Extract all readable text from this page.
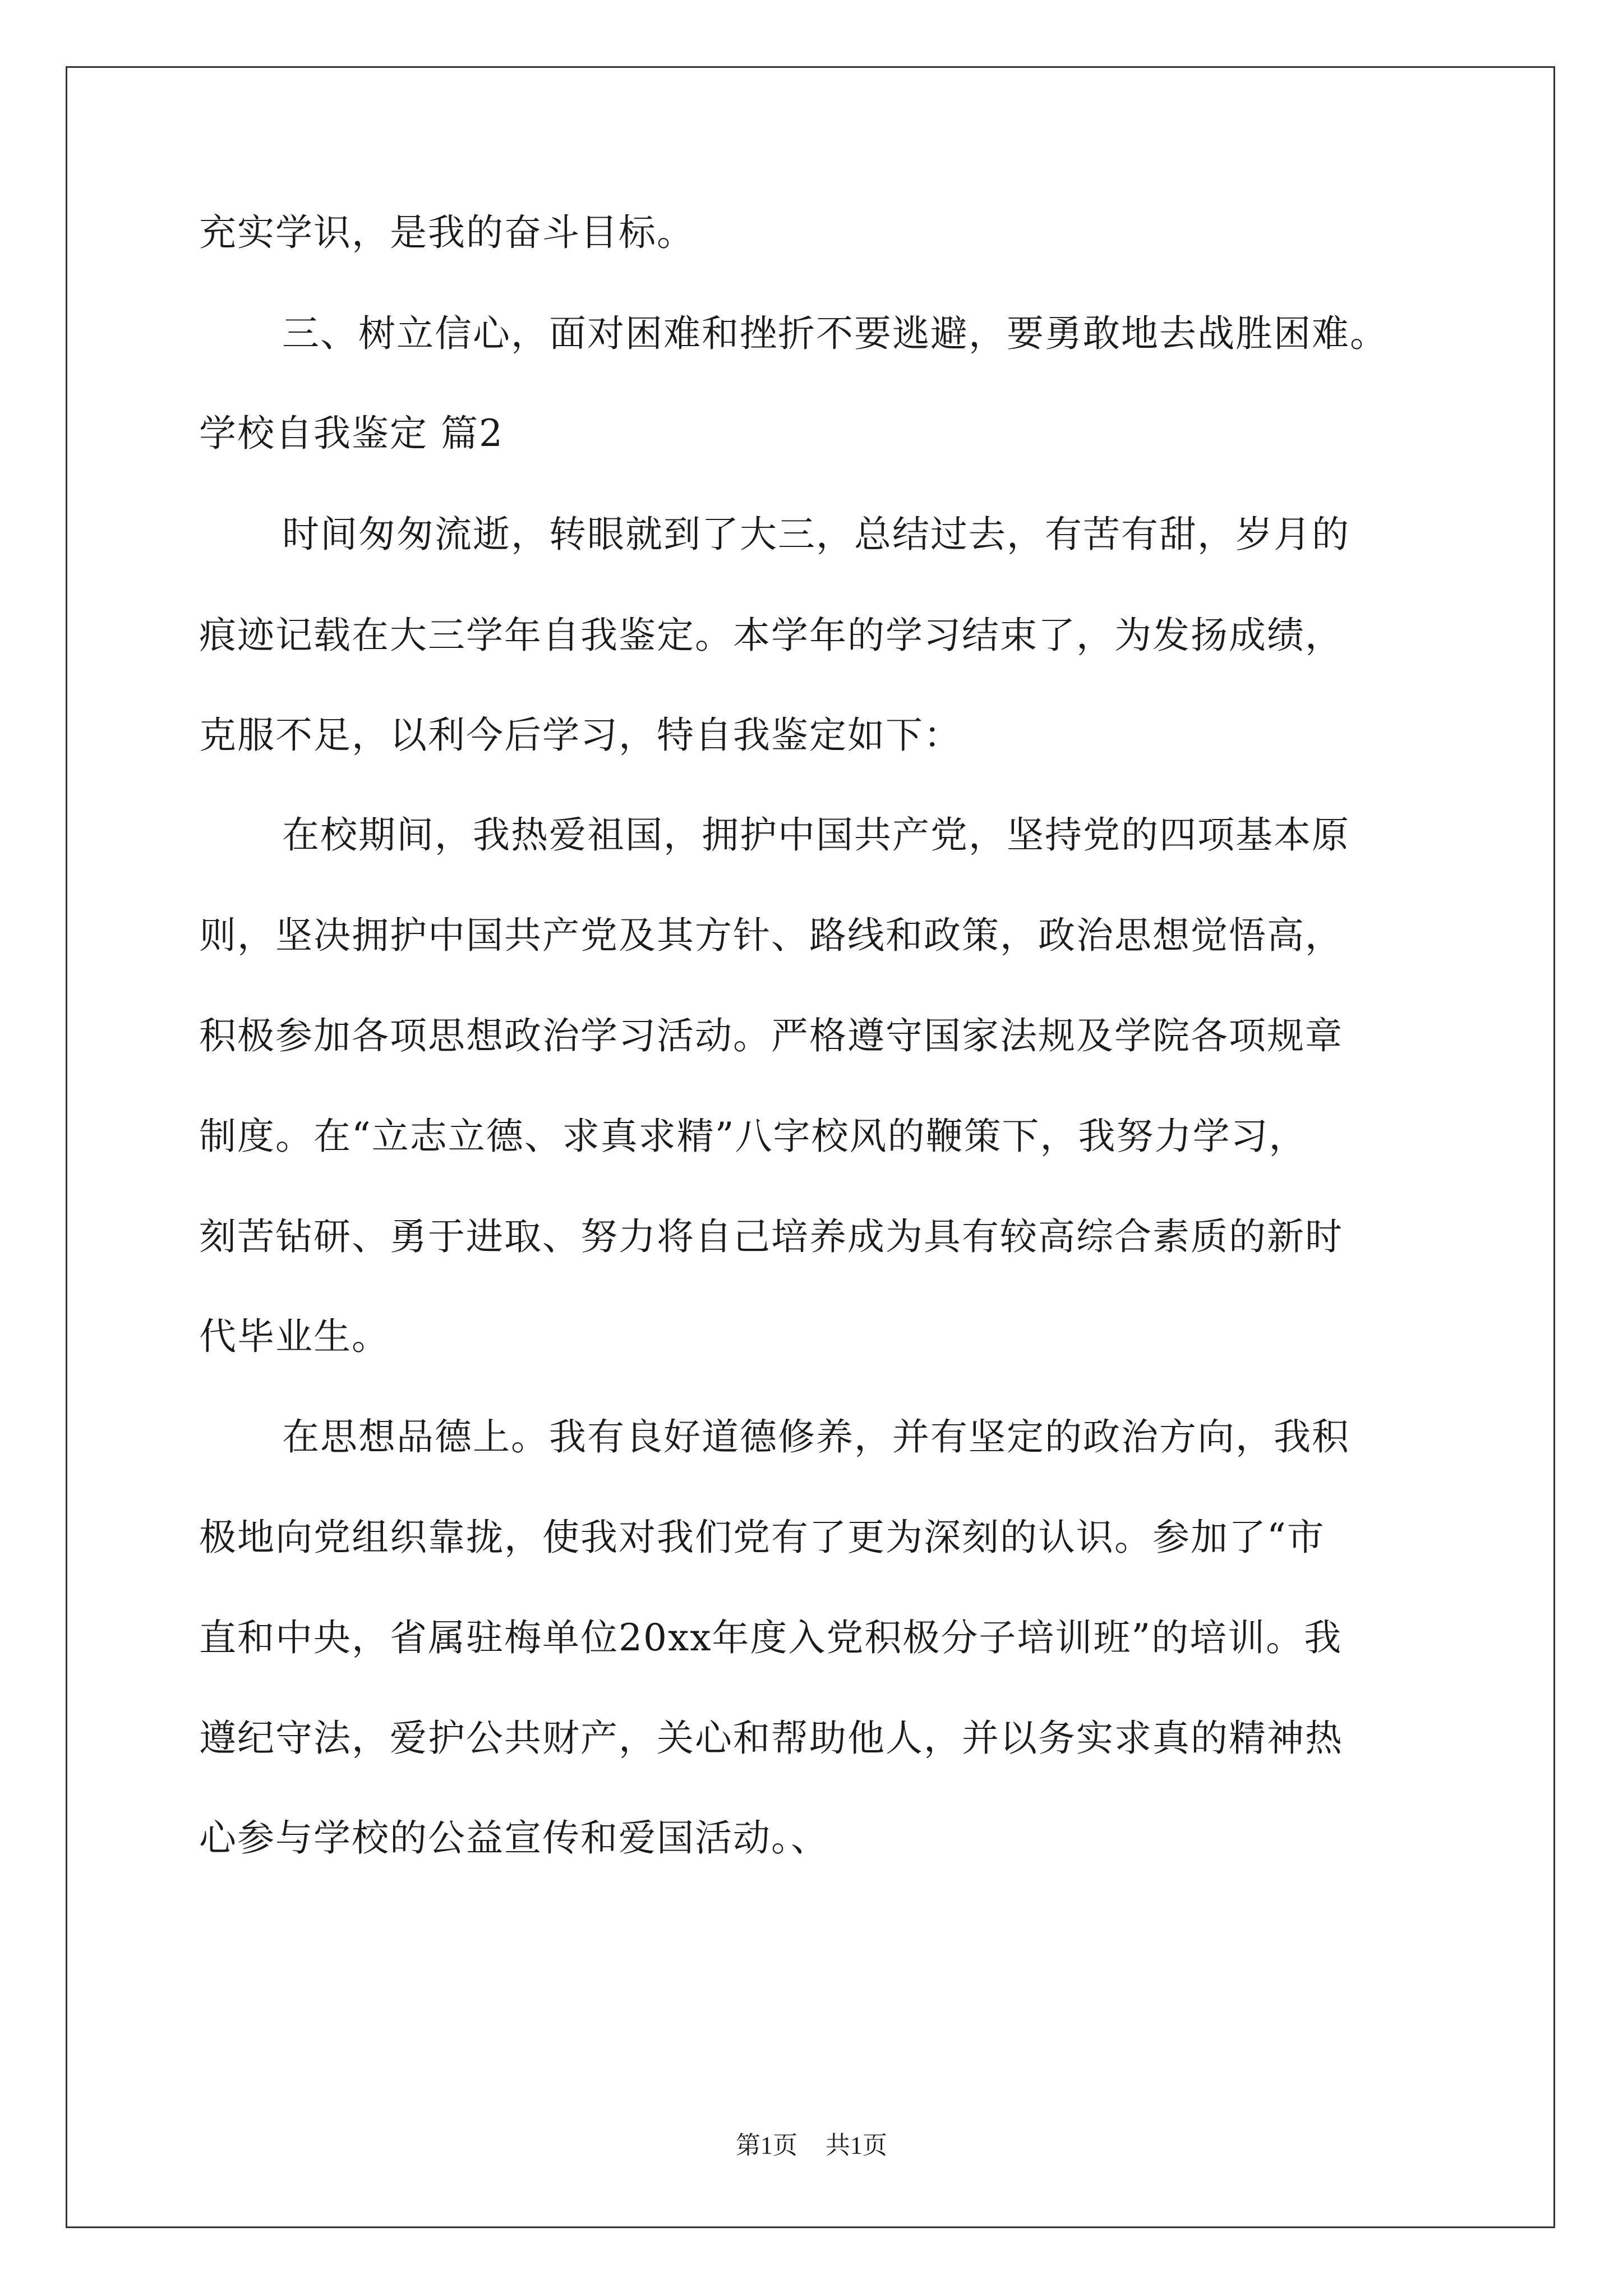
充实学识，是我的奋斗目标。
三、树立信心，面对困难和挫折不要逃避，要勇敢地去战胜困难。
学校自我鉴定 篇2
时间匆匆流逝，转眼就到了大三，总结过去，有苦有甜，岁月的
痕迹记载在大三学年自我鉴定。本学年的学习结束了，为发扬成绩，
克服不足，以利今后学习，特自我鉴定如下：
在校期间，我热爱祖国，拥护中国共产党，坚持党的四项基本原
则，坚决拥护中国共产党及其方针、路线和政策，政治思想觉悟高，
积极参加各项思想政治学习活动。严格遵守国家法规及学院各项规章
制度。在“立志立德、求真求精”八字校风的鞭策下，我努力学习，
刻苦钻研、勇于进取、努力将自己培养成为具有较高综合素质的新时
代毕业生。
在思想品德上。我有良好道德修养，并有坚定的政治方向，我积
极地向党组织靠拢，使我对我们党有了更为深刻的认识。参加了“市
直和中央，省属驻梅单位20xx年度入党积极分子培训班”的培训。我
遵纪守法，爱护公共财产，关心和帮助他人，并以务实求真的精神热
心参与学校的公益宣传和爱国活动。、
第1页 共1页
